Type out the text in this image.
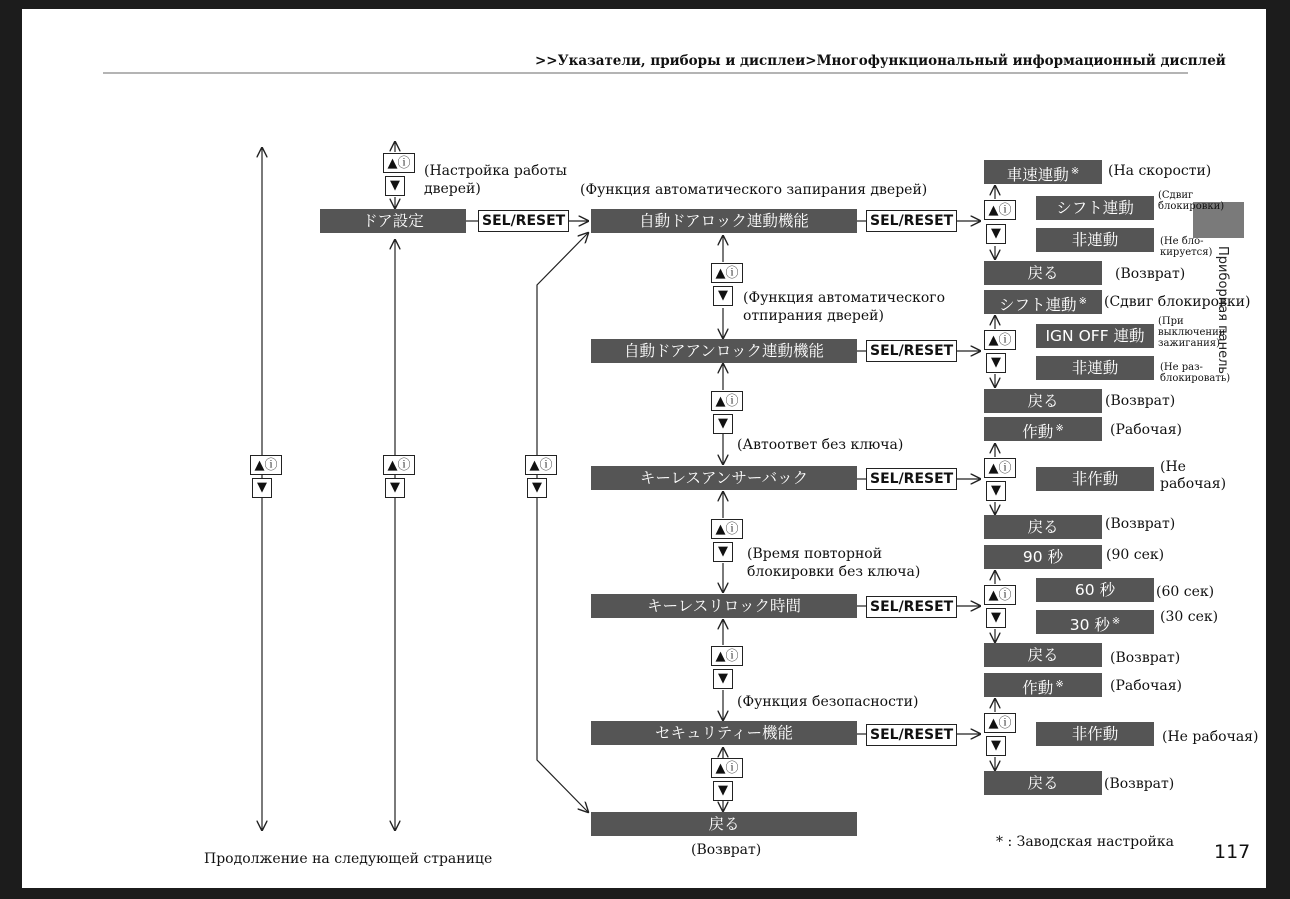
>>Указатели, приборы и дисплеи>Многофункциональный информационный дисплей
Приборная панель
▲ⓘ
▼
▲ⓘ
▼
▲ⓘ
▼
▲ⓘ
▼
(Настройка работы
дверей)
ドア設定	SEL/RESET
(Функция автоматического запирания дверей)
自動ドアロック連動機能	SEL/RESET
▲ⓘ
▼	(Функция автоматического
отпирания дверей)
自動ドアアンロック連動機能	SEL/RESET
▲ⓘ
▼
(Автоответ без ключа)
キーレスアンサーバック	SEL/RESET
▲ⓘ
▼	(Время повторной
блокировки без ключа)
キーレスリロック時間	SEL/RESET
▲ⓘ
▼
(Функция безопасности)
セキュリティー機能	SEL/RESET
▲ⓘ
▼
戻る
(Возврат)
車速連動 ※	(На скорости)
▲ⓘ
▼
シフト連動
(Сдвиг
блокировки)
非連動	(Не бло-
кируется)
戻る	(Возврат)
シフト連動 ※	(Сдвиг блокировки)
▲ⓘ
▼
IGN OFF 連動
(При
выключении
зажигания)
非連動	(Не раз-
блокировать)
戻る	(Возврат)
作動 ※	(Рабочая)
▲ⓘ
▼
非作動
(Не
рабочая)
戻る	(Возврат)
90 秒	(90 сек)
▲ⓘ
▼
60 秒	(60 сек)
30 秒 ※	(30 сек)
戻る	(Возврат)
作動 ※	(Рабочая)
▲ⓘ
▼
非作動	(Не рабочая)
戻る	(Возврат)
Продолжение на следующей странице
* : Заводская настройка 117
